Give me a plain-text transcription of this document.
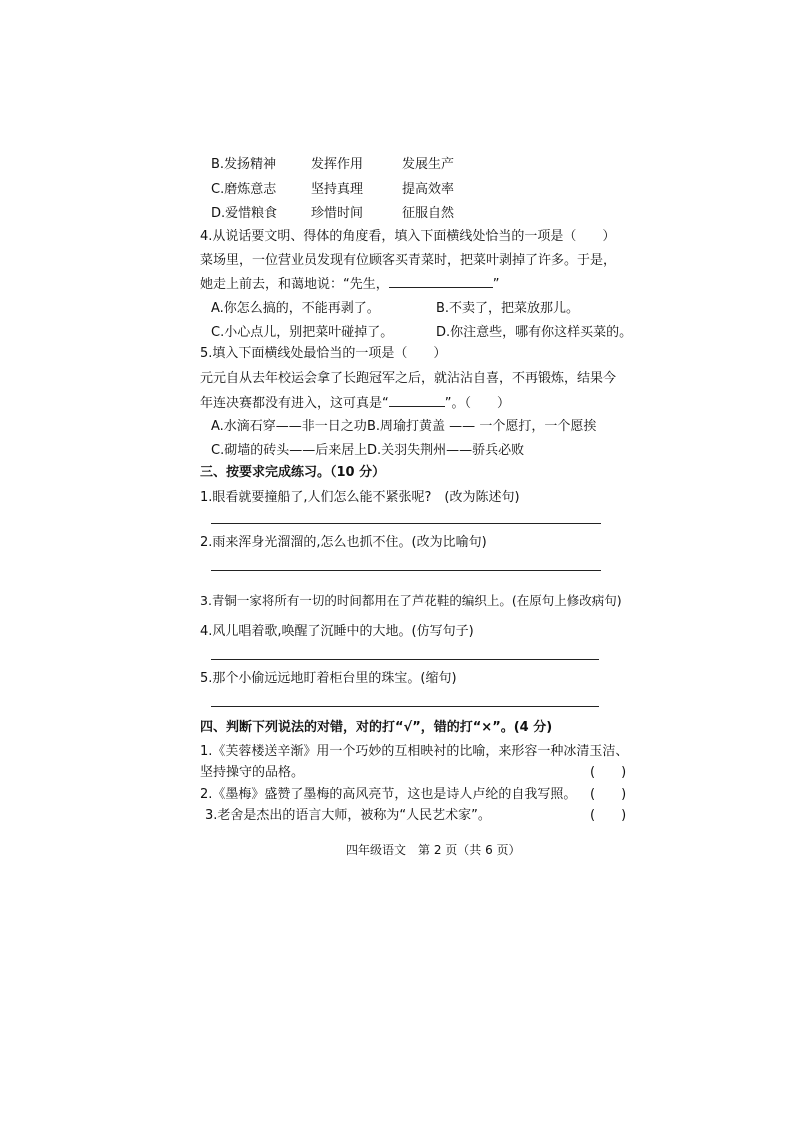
B.发扬精神	发挥作用	发展生产
C.磨炼意志	坚持真理	提高效率
D.爱惜粮食	珍惜时间	征服自然
4.从说话要文明、得体的角度看，填入下面横线处恰当的一项是（　　）
菜场里，一位营业员发现有位顾客买青菜时，把菜叶剥掉了许多。于是，
她走上前去，和蔼地说：“先生，	”
A.你怎么搞的，不能再剥了。	B.不卖了，把菜放那儿。
C.小心点儿，别把菜叶碰掉了。	D.你注意些，哪有你这样买菜的。
5.填入下面横线处最恰当的一项是（　　）
元元自从去年校运会拿了长跑冠军之后，就沾沾自喜，不再锻炼，结果今
年连决赛都没有进入，这可真是“	”。（　　）
A.水滴石穿——非一日之功 B.周瑜打黄盖 —— 一个愿打，一个愿挨
C.砌墙的砖头——后来居上 D.关羽失荆州——骄兵必败
三、按要求完成练习。（10 分）
1.眼看就要撞船了,人们怎么能不紧张呢?　(改为陈述句)
2.雨来浑身光溜溜的,怎么也抓不住。(改为比喻句)
3.青铜一家将所有一切的时间都用在了芦花鞋的编织上。(在原句上修改病句)
4.风儿唱着歌,唤醒了沉睡中的大地。(仿写句子)
5.那个小偷远远地盯着柜台里的珠宝。(缩句)
四、判断下列说法的对错，对的打“√”，错的打“×”。(4 分)
1.《芙蓉楼送辛渐》用一个巧妙的互相映衬的比喻，来形容一种冰清玉洁、
坚持操守的品格。	(　　)
2.《墨梅》盛赞了墨梅的高风亮节，这也是诗人卢纶的自我写照。 (　　)
3.老舍是杰出的语言大师，被称为“人民艺术家”。	(　　)
四年级语文　第 2 页（共 6 页）
